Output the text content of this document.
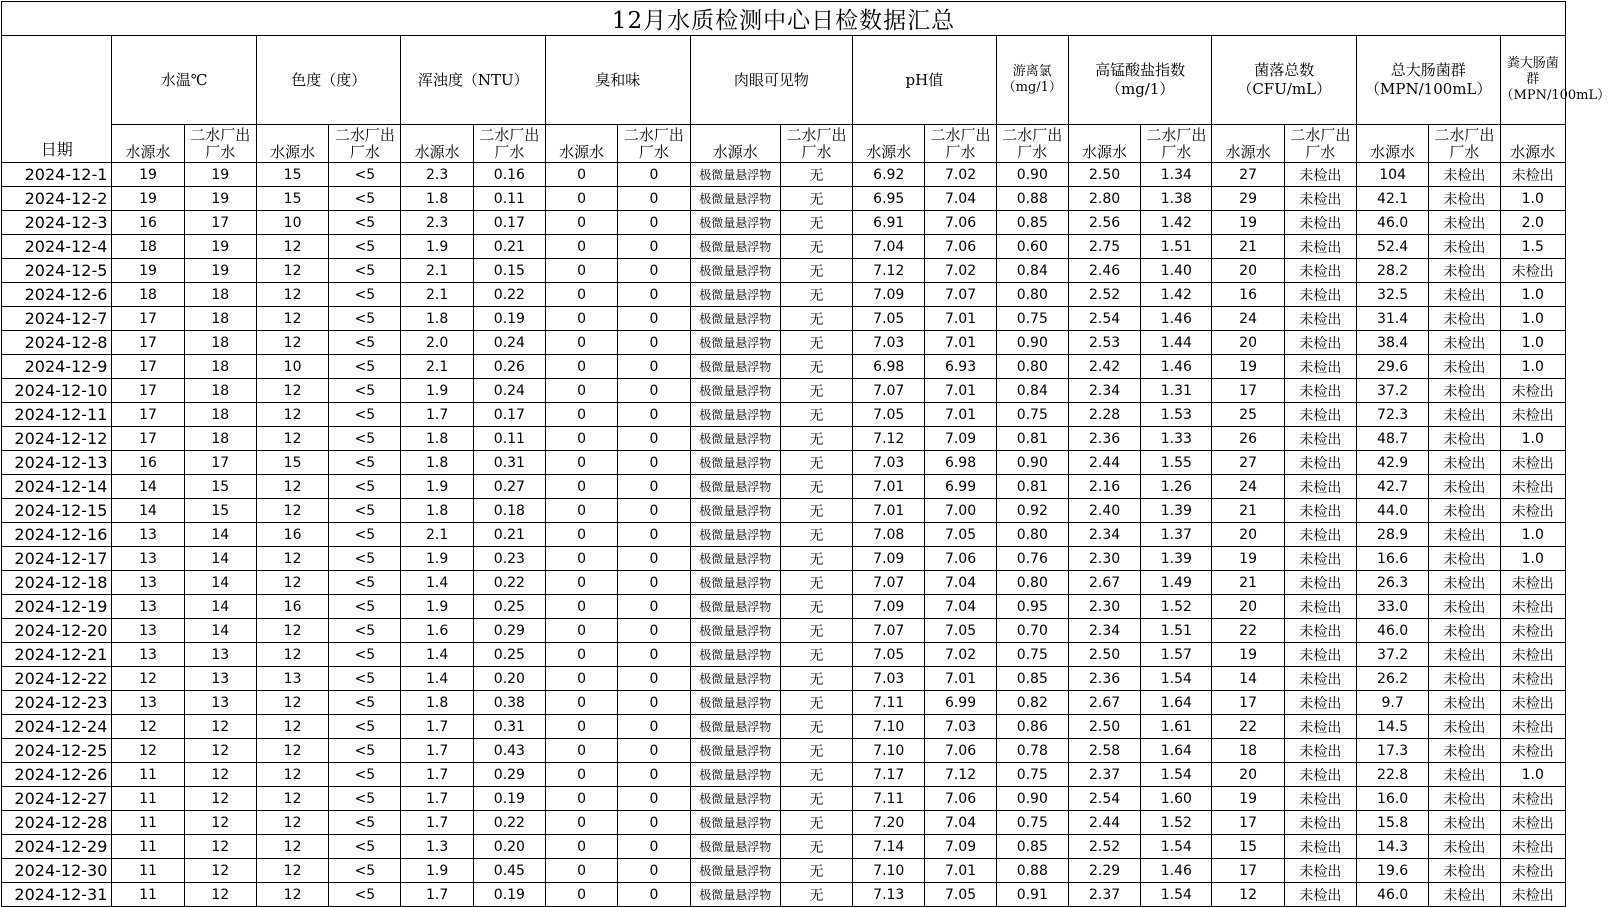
12月水质检测中心日检数据汇总																				
日期	水温℃		色度（度）		浑浊度（NTU）		臭和味		肉眼可见物		pH值		游离氯（mg/1）	高锰酸盐指数（mg/1）		菌落总数（CFU/mL）		总大肠菌群（MPN/100mL）		粪大肠菌群（MPN/100mL）
	水源水	二水厂出厂水	水源水	二水厂出厂水	水源水	二水厂出厂水	水源水	二水厂出厂水	水源水	二水厂出厂水	水源水	二水厂出厂水	二水厂出厂水	水源水	二水厂出厂水	水源水	二水厂出厂水	水源水	二水厂出厂水	水源水
2024-12-1	19	19	15	<5	2.3	0.16	0	0	极微量悬浮物	无	6.92	7.02	0.90	2.50	1.34	27	未检出	104	未检出	未检出
2024-12-2	19	19	15	<5	1.8	0.11	0	0	极微量悬浮物	无	6.95	7.04	0.88	2.80	1.38	29	未检出	42.1	未检出	1.0
2024-12-3	16	17	10	<5	2.3	0.17	0	0	极微量悬浮物	无	6.91	7.06	0.85	2.56	1.42	19	未检出	46.0	未检出	2.0
2024-12-4	18	19	12	<5	1.9	0.21	0	0	极微量悬浮物	无	7.04	7.06	0.60	2.75	1.51	21	未检出	52.4	未检出	1.5
2024-12-5	19	19	12	<5	2.1	0.15	0	0	极微量悬浮物	无	7.12	7.02	0.84	2.46	1.40	20	未检出	28.2	未检出	未检出
2024-12-6	18	18	12	<5	2.1	0.22	0	0	极微量悬浮物	无	7.09	7.07	0.80	2.52	1.42	16	未检出	32.5	未检出	1.0
2024-12-7	17	18	12	<5	1.8	0.19	0	0	极微量悬浮物	无	7.05	7.01	0.75	2.54	1.46	24	未检出	31.4	未检出	1.0
2024-12-8	17	18	12	<5	2.0	0.24	0	0	极微量悬浮物	无	7.03	7.01	0.90	2.53	1.44	20	未检出	38.4	未检出	1.0
2024-12-9	17	18	10	<5	2.1	0.26	0	0	极微量悬浮物	无	6.98	6.93	0.80	2.42	1.46	19	未检出	29.6	未检出	1.0
2024-12-10	17	18	12	<5	1.9	0.24	0	0	极微量悬浮物	无	7.07	7.01	0.84	2.34	1.31	17	未检出	37.2	未检出	未检出
2024-12-11	17	18	12	<5	1.7	0.17	0	0	极微量悬浮物	无	7.05	7.01	0.75	2.28	1.53	25	未检出	72.3	未检出	未检出
2024-12-12	17	18	12	<5	1.8	0.11	0	0	极微量悬浮物	无	7.12	7.09	0.81	2.36	1.33	26	未检出	48.7	未检出	1.0
2024-12-13	16	17	15	<5	1.8	0.31	0	0	极微量悬浮物	无	7.03	6.98	0.90	2.44	1.55	27	未检出	42.9	未检出	未检出
2024-12-14	14	15	12	<5	1.9	0.27	0	0	极微量悬浮物	无	7.01	6.99	0.81	2.16	1.26	24	未检出	42.7	未检出	未检出
2024-12-15	14	15	12	<5	1.8	0.18	0	0	极微量悬浮物	无	7.01	7.00	0.92	2.40	1.39	21	未检出	44.0	未检出	未检出
2024-12-16	13	14	16	<5	2.1	0.21	0	0	极微量悬浮物	无	7.08	7.05	0.80	2.34	1.37	20	未检出	28.9	未检出	1.0
2024-12-17	13	14	12	<5	1.9	0.23	0	0	极微量悬浮物	无	7.09	7.06	0.76	2.30	1.39	19	未检出	16.6	未检出	1.0
2024-12-18	13	14	12	<5	1.4	0.22	0	0	极微量悬浮物	无	7.07	7.04	0.80	2.67	1.49	21	未检出	26.3	未检出	未检出
2024-12-19	13	14	16	<5	1.9	0.25	0	0	极微量悬浮物	无	7.09	7.04	0.95	2.30	1.52	20	未检出	33.0	未检出	未检出
2024-12-20	13	14	12	<5	1.6	0.29	0	0	极微量悬浮物	无	7.07	7.05	0.70	2.34	1.51	22	未检出	46.0	未检出	未检出
2024-12-21	13	13	12	<5	1.4	0.25	0	0	极微量悬浮物	无	7.05	7.02	0.75	2.50	1.57	19	未检出	37.2	未检出	未检出
2024-12-22	12	13	13	<5	1.4	0.20	0	0	极微量悬浮物	无	7.03	7.01	0.85	2.36	1.54	14	未检出	26.2	未检出	未检出
2024-12-23	13	13	12	<5	1.8	0.38	0	0	极微量悬浮物	无	7.11	6.99	0.82	2.67	1.64	17	未检出	9.7	未检出	未检出
2024-12-24	12	12	12	<5	1.7	0.31	0	0	极微量悬浮物	无	7.10	7.03	0.86	2.50	1.61	22	未检出	14.5	未检出	未检出
2024-12-25	12	12	12	<5	1.7	0.43	0	0	极微量悬浮物	无	7.10	7.06	0.78	2.58	1.64	18	未检出	17.3	未检出	未检出
2024-12-26	11	12	12	<5	1.7	0.29	0	0	极微量悬浮物	无	7.17	7.12	0.75	2.37	1.54	20	未检出	22.8	未检出	1.0
2024-12-27	11	12	12	<5	1.7	0.19	0	0	极微量悬浮物	无	7.11	7.06	0.90	2.54	1.60	19	未检出	16.0	未检出	未检出
2024-12-28	11	12	12	<5	1.7	0.22	0	0	极微量悬浮物	无	7.20	7.04	0.75	2.44	1.52	17	未检出	15.8	未检出	未检出
2024-12-29	11	12	12	<5	1.3	0.20	0	0	极微量悬浮物	无	7.14	7.09	0.85	2.52	1.54	15	未检出	14.3	未检出	未检出
2024-12-30	11	12	12	<5	1.9	0.45	0	0	极微量悬浮物	无	7.10	7.01	0.88	2.29	1.46	17	未检出	19.6	未检出	未检出
2024-12-31	11	12	12	<5	1.7	0.19	0	0	极微量悬浮物	无	7.13	7.05	0.91	2.37	1.54	12	未检出	46.0	未检出	未检出
